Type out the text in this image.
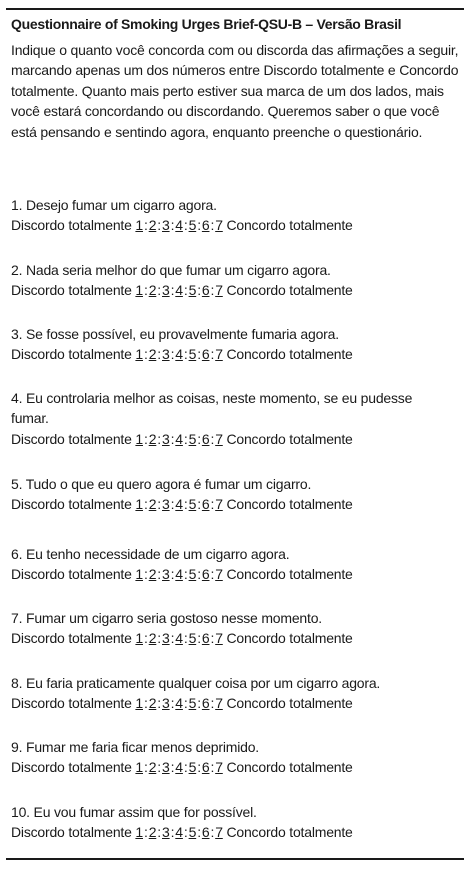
Questionnaire of Smoking Urges Brief-QSU-B – Versão Brasil
Indique o quanto você concorda com ou discorda das afirmações a seguir, marcando apenas um dos números entre Discordo totalmente e Concordo totalmente. Quanto mais perto estiver sua marca de um dos lados, mais você estará concordando ou discordando. Queremos saber o que você está pensando e sentindo agora, enquanto preenche o questionário.
1. Desejo fumar um cigarro agora.
Discordo totalmente 1:2:3:4:5:6:7 Concordo totalmente
2. Nada seria melhor do que fumar um cigarro agora.
Discordo totalmente 1:2:3:4:5:6:7 Concordo totalmente
3. Se fosse possível, eu provavelmente fumaria agora.
Discordo totalmente 1:2:3:4:5:6:7 Concordo totalmente
4. Eu controlaria melhor as coisas, neste momento, se eu pudesse fumar.
Discordo totalmente 1:2:3:4:5:6:7 Concordo totalmente
5. Tudo o que eu quero agora é fumar um cigarro.
Discordo totalmente 1:2:3:4:5:6:7 Concordo totalmente
6. Eu tenho necessidade de um cigarro agora.
Discordo totalmente 1:2:3:4:5:6:7 Concordo totalmente
7. Fumar um cigarro seria gostoso nesse momento.
Discordo totalmente 1:2:3:4:5:6:7 Concordo totalmente
8. Eu faria praticamente qualquer coisa por um cigarro agora.
Discordo totalmente 1:2:3:4:5:6:7 Concordo totalmente
9. Fumar me faria ficar menos deprimido.
Discordo totalmente 1:2:3:4:5:6:7 Concordo totalmente
10. Eu vou fumar assim que for possível.
Discordo totalmente 1:2:3:4:5:6:7 Concordo totalmente
